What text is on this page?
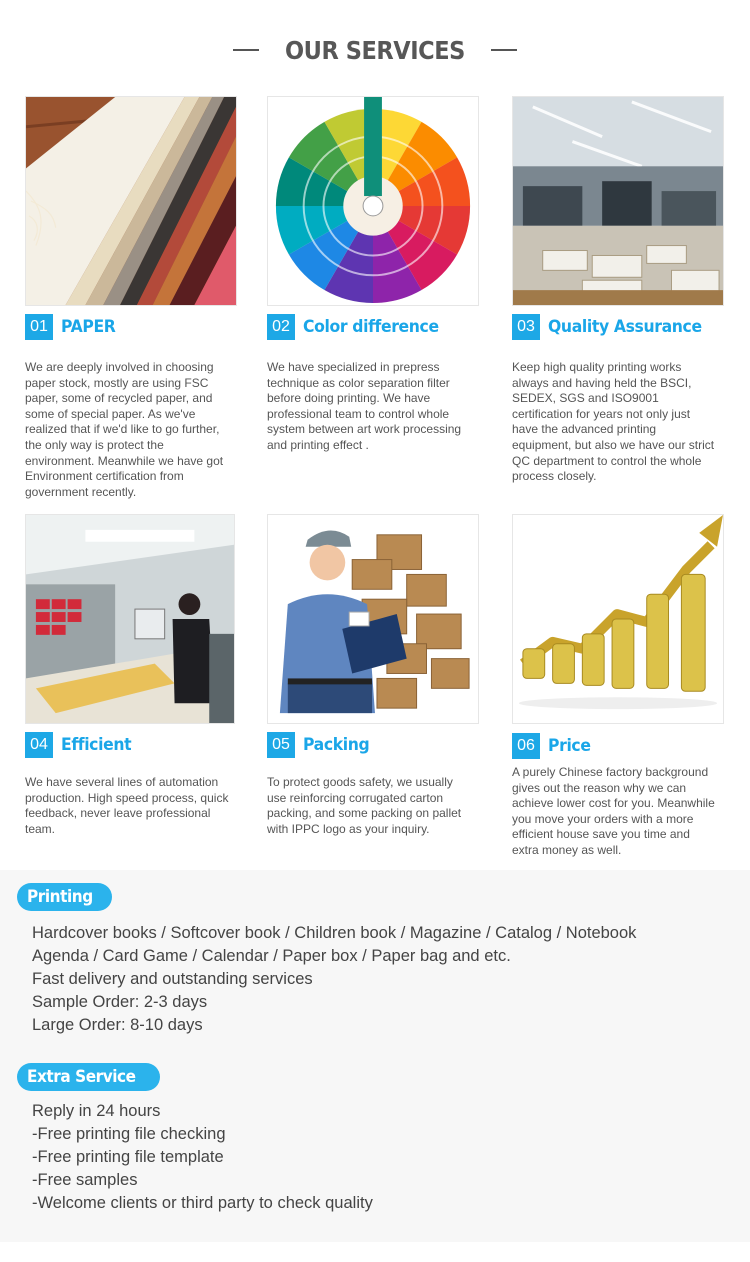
OUR SERVICES
01 PAPER
We are deeply involved in choosing paper stock, mostly are using FSC paper, some of recycled paper, and some of special paper. As we've realized that if we'd like to go further, the only way is protect the environment. Meanwhile we have got Environment certification from government recently.
02 Color difference
We have specialized in prepress technique as color separation filter before doing printing. We have professional team to control whole system between art work processing and printing effect .
03 Quality Assurance
Keep high quality printing works always and having held the BSCI, SEDEX, SGS and ISO9001 certification for years not only just have the advanced printing equipment, but also we have our strict QC department to control the whole process closely.
04 Efficient
We have several lines of automation production. High speed process, quick feedback, never leave professional team.
05 Packing
To protect goods safety, we usually use reinforcing corrugated carton packing, and some packing on pallet with IPPC logo as your inquiry.
06 Price
A purely Chinese factory background gives out the reason why we can achieve lower cost for you. Meanwhile you move your orders with a more efficient house save you time and extra money as well.
Printing
Hardcover books / Softcover book / Children book / Magazine / Catalog / Notebook
Agenda / Card Game / Calendar / Paper box / Paper bag and etc.
Fast delivery and outstanding services
Sample Order: 2-3 days
Large Order: 8-10 days
Extra Service
Reply in 24 hours
-Free printing file checking
-Free printing file template
-Free samples
-Welcome clients or third party to check quality
